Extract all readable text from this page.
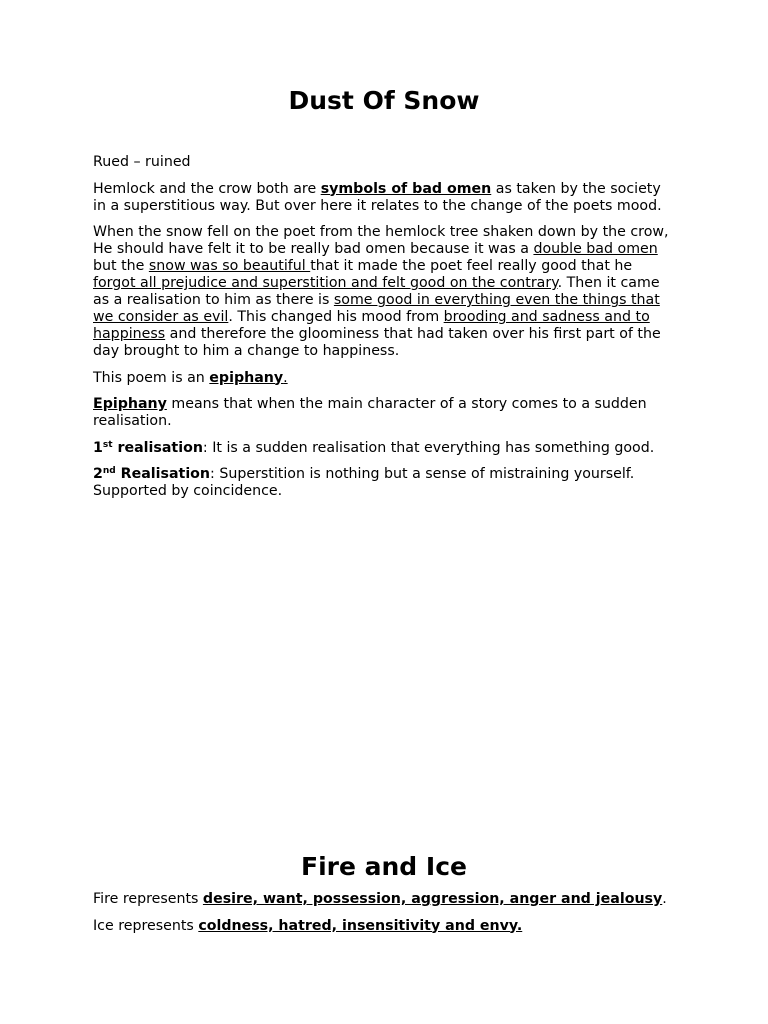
Dust Of Snow

Rued – ruined

Hemlock and the crow both are symbols of bad omen as taken by the society in a superstitious way. But over here it relates to the change of the poets mood.

When the snow fell on the poet from the hemlock tree shaken down by the crow, He should have felt it to be really bad omen because it was a double bad omen but the snow was so beautiful that it made the poet feel really good that he forgot all prejudice and superstition and felt good on the contrary. Then it came as a realisation to him as there is some good in everything even the things that we consider as evil. This changed his mood from brooding and sadness and to happiness and therefore the gloominess that had taken over his first part of the day brought to him a change to happiness.

This poem is an epiphany.

Epiphany means that when the main character of a story comes to a sudden realisation.

1st realisation: It is a sudden realisation that everything has something good.

2nd Realisation: Superstition is nothing but a sense of mistraining yourself. Supported by coincidence.

Fire and Ice

Fire represents desire, want, possession, aggression, anger and jealousy.

Ice represents coldness, hatred, insensitivity and envy.
